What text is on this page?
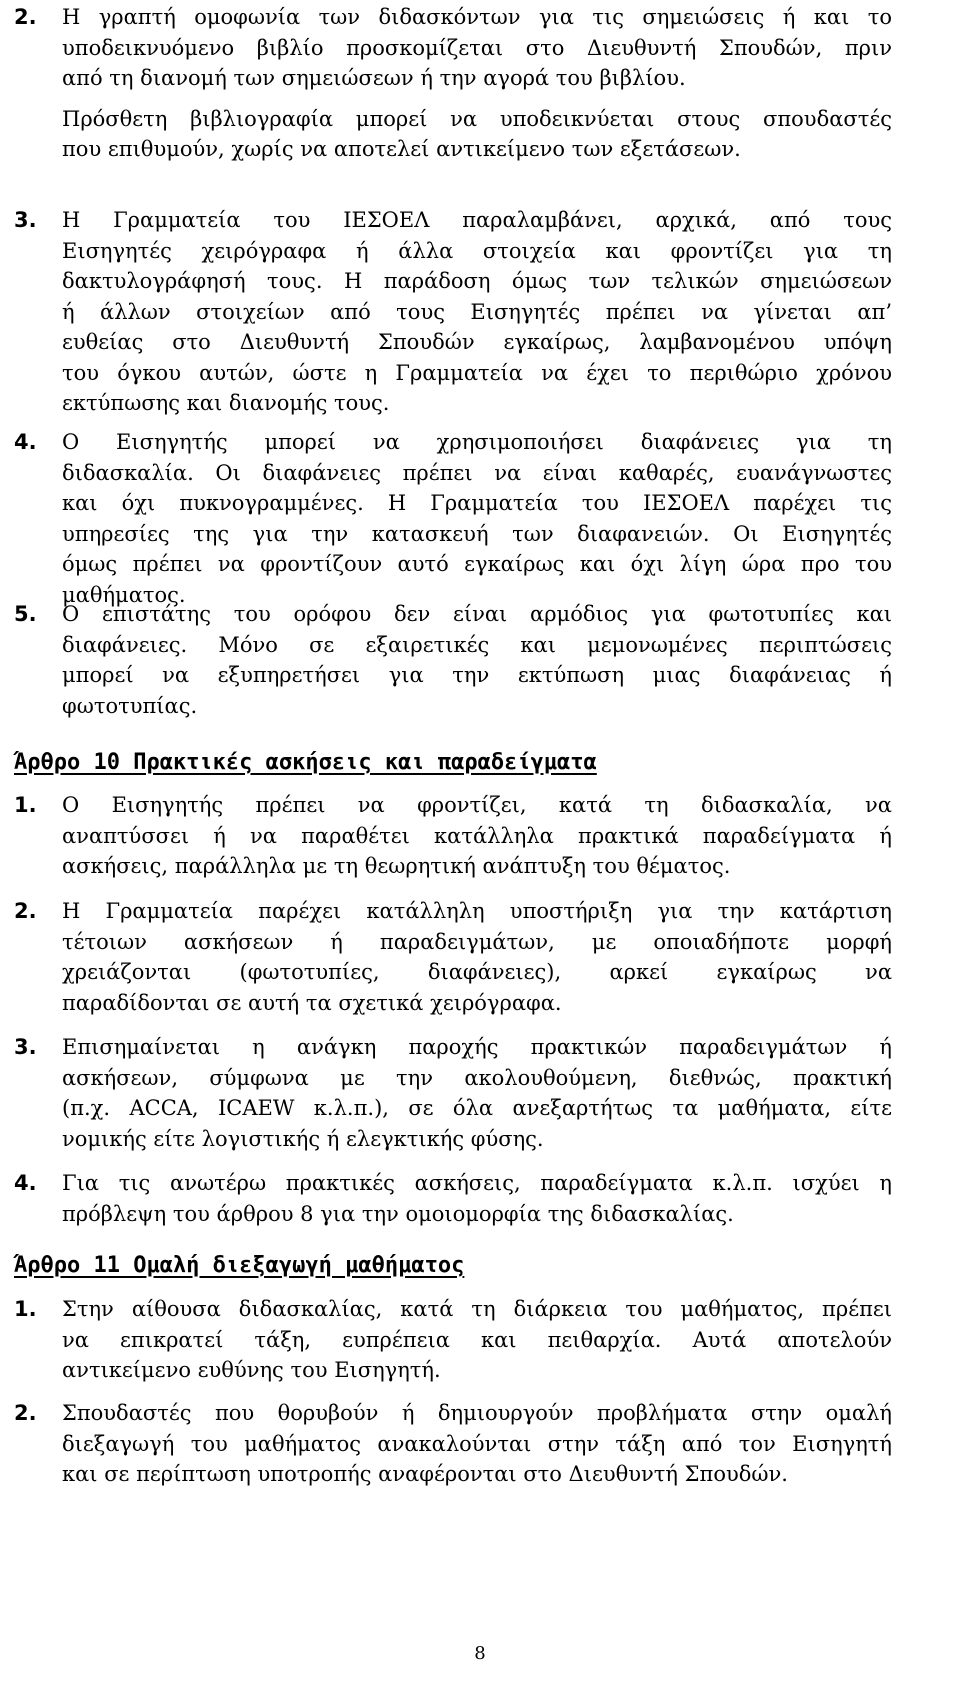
2. Η γραπτή ομοφωνία των διδασκόντων για τις σημειώσεις ή και το
υποδεικνυόμενο βιβλίο προσκομίζεται στο Διευθυντή Σπουδών, πριν
από τη διανομή των σημειώσεων ή την αγορά του βιβλίου.
Πρόσθετη βιβλιογραφία μπορεί να υποδεικνύεται στους σπουδαστές
που επιθυμούν, χωρίς να αποτελεί αντικείμενο των εξετάσεων.
3. Η Γραμματεία του ΙΕΣΟΕΛ παραλαμβάνει, αρχικά, από τους
Εισηγητές χειρόγραφα ή άλλα στοιχεία και φροντίζει για τη
δακτυλογράφησή τους. Η παράδοση όμως των τελικών σημειώσεων
ή άλλων στοιχείων από τους Εισηγητές πρέπει να γίνεται απ’
ευθείας στο Διευθυντή Σπουδών εγκαίρως, λαμβανομένου υπόψη
του όγκου αυτών, ώστε η Γραμματεία να έχει το περιθώριο χρόνου
εκτύπωσης και διανομής τους.
4. Ο Εισηγητής μπορεί να χρησιμοποιήσει διαφάνειες για τη
διδασκαλία. Οι διαφάνειες πρέπει να είναι καθαρές, ευανάγνωστες
και όχι πυκνογραμμένες. Η Γραμματεία του ΙΕΣΟΕΛ παρέχει τις
υπηρεσίες της για την κατασκευή των διαφανειών. Οι Εισηγητές
όμως πρέπει να φροντίζουν αυτό εγκαίρως και όχι λίγη ώρα προ του
μαθήματος.
5. Ο επιστάτης του ορόφου δεν είναι αρμόδιος για φωτοτυπίες και
διαφάνειες. Μόνο σε εξαιρετικές και μεμονωμένες περιπτώσεις
μπορεί να εξυπηρετήσει για την εκτύπωση μιας διαφάνειας ή
φωτοτυπίας.

Άρθρο 10 Πρακτικές ασκήσεις και παραδείγματα

1. Ο Εισηγητής πρέπει να φροντίζει, κατά τη διδασκαλία, να
αναπτύσσει ή να παραθέτει κατάλληλα πρακτικά παραδείγματα ή
ασκήσεις, παράλληλα με τη θεωρητική ανάπτυξη του θέματος.
2. Η Γραμματεία παρέχει κατάλληλη υποστήριξη για την κατάρτιση
τέτοιων ασκήσεων ή παραδειγμάτων, με οποιαδήποτε μορφή
χρειάζονται (φωτοτυπίες, διαφάνειες), αρκεί εγκαίρως να
παραδίδονται σε αυτή τα σχετικά χειρόγραφα.
3. Επισημαίνεται η ανάγκη παροχής πρακτικών παραδειγμάτων ή
ασκήσεων, σύμφωνα με την ακολουθούμενη, διεθνώς, πρακτική
(π.χ. ACCA, ICAEW κ.λ.π.), σε όλα ανεξαρτήτως τα μαθήματα, είτε
νομικής είτε λογιστικής ή ελεγκτικής φύσης.
4. Για τις ανωτέρω πρακτικές ασκήσεις, παραδείγματα κ.λ.π. ισχύει η
πρόβλεψη του άρθρου 8 για την ομοιομορφία της διδασκαλίας.

Άρθρο 11 Ομαλή διεξαγωγή μαθήματος

1. Στην αίθουσα διδασκαλίας, κατά τη διάρκεια του μαθήματος, πρέπει
να επικρατεί τάξη, ευπρέπεια και πειθαρχία. Αυτά αποτελούν
αντικείμενο ευθύνης του Εισηγητή.
2. Σπουδαστές που θορυβούν ή δημιουργούν προβλήματα στην ομαλή
διεξαγωγή του μαθήματος ανακαλούνται στην τάξη από τον Εισηγητή
και σε περίπτωση υποτροπής αναφέρονται στο Διευθυντή Σπουδών.
8
